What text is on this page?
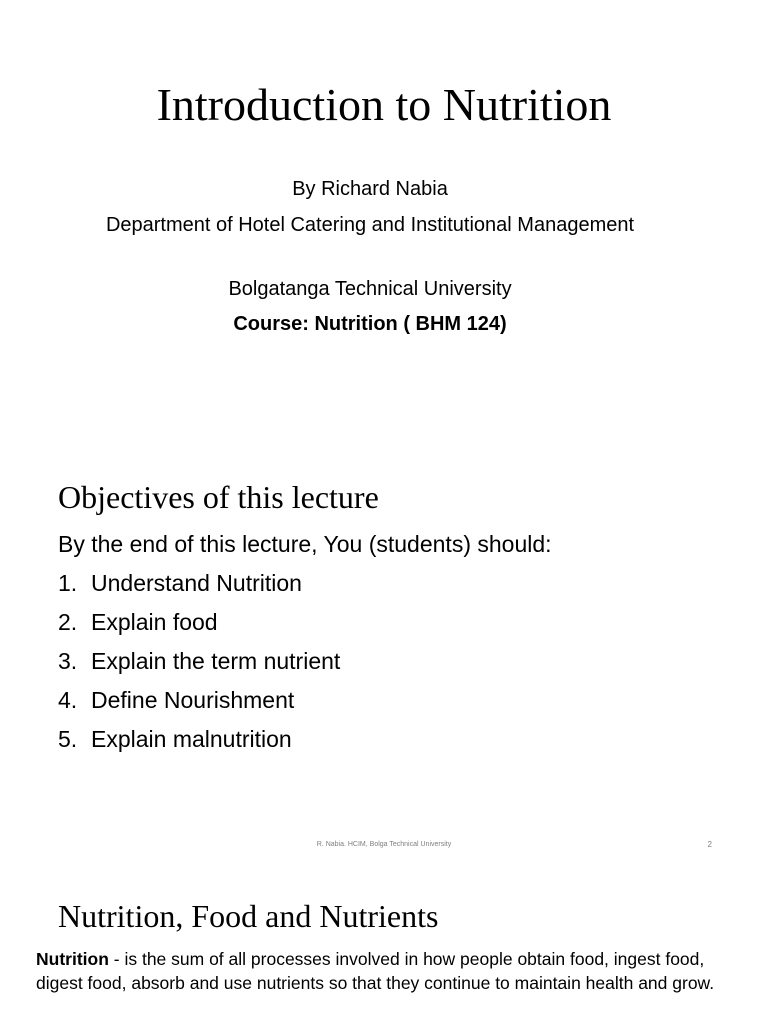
Introduction to Nutrition
By Richard Nabia
Department of Hotel Catering and Institutional Management
Bolgatanga Technical University
Course: Nutrition ( BHM 124)
Objectives of this lecture
By the end of this lecture, You (students) should:
1. Understand Nutrition
2. Explain food
3. Explain the term nutrient
4. Define Nourishment
5. Explain malnutrition
R. Nabia. HCIM, Bolga Technical University	2
Nutrition, Food and Nutrients

Nutrition - is the sum of all processes involved in how people obtain food, ingest food, digest food, absorb and use nutrients so that they continue to maintain health and grow.
